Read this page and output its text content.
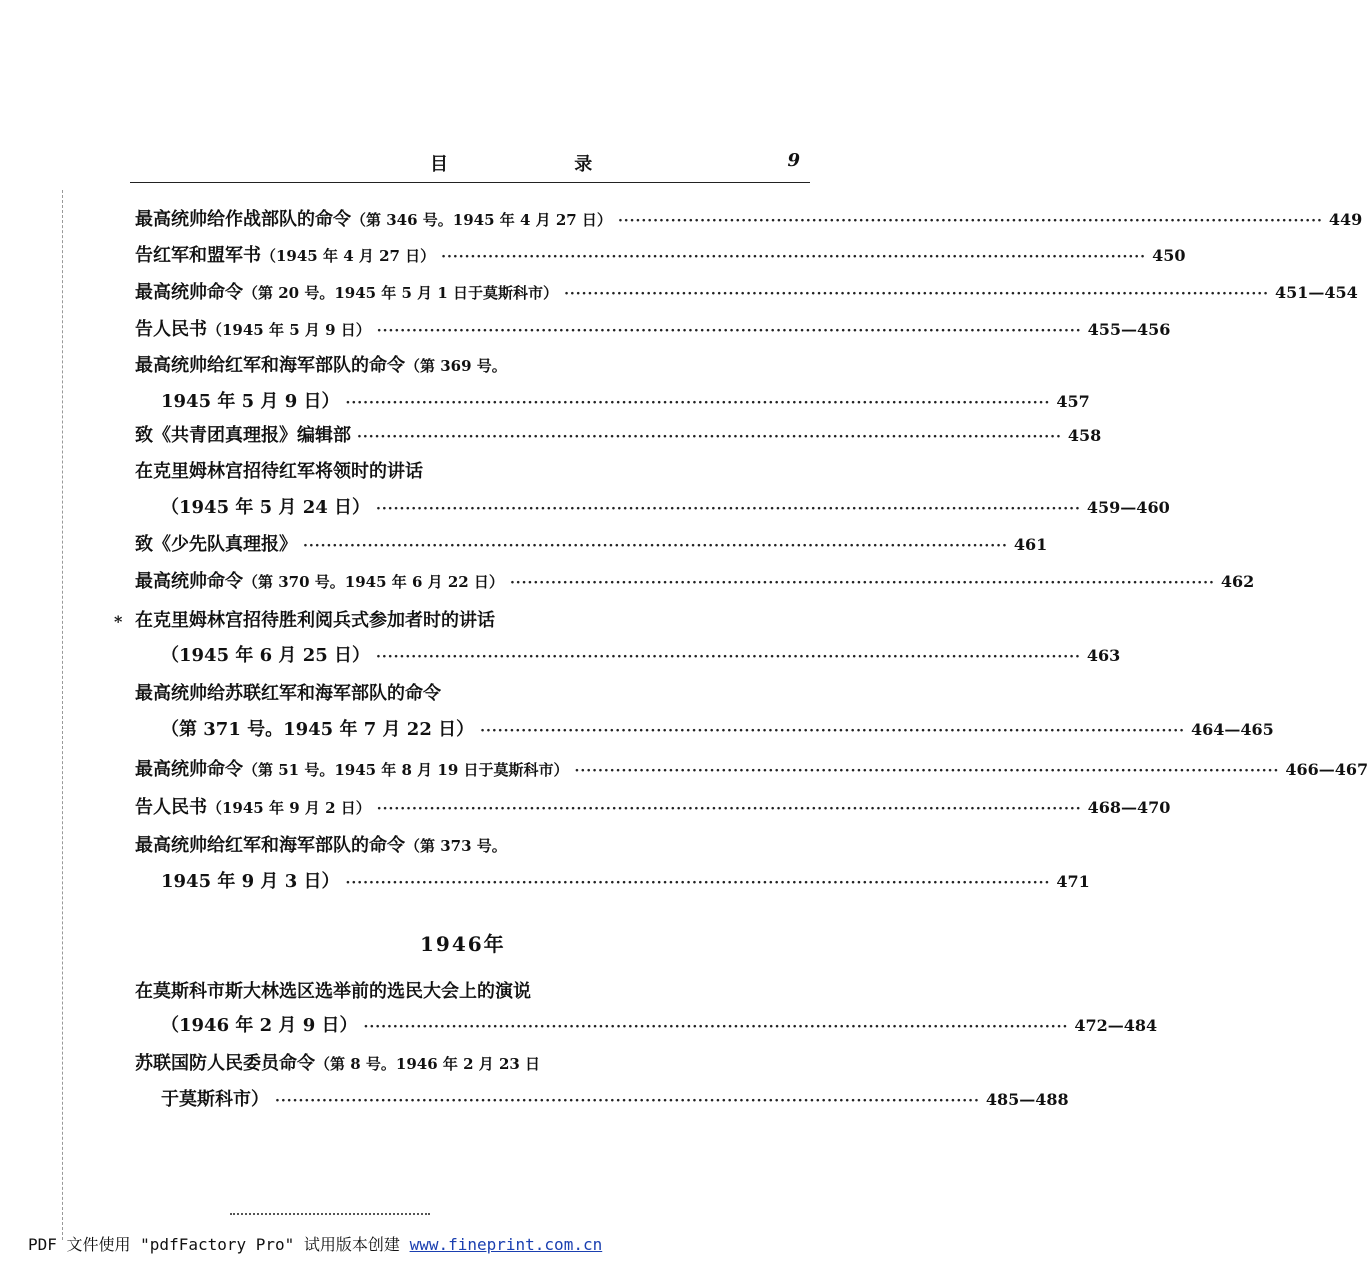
目 录	9
*
最高统帅给作战部队的命令（第 346 号。1945 年 4 月 27 日） ························································································································ 449
告红军和盟军书（1945 年 4 月 27 日） ························································································································ 450
最高统帅命令（第 20 号。1945 年 5 月 1 日于莫斯科市） ························································································································ 451—454
告人民书（1945 年 5 月 9 日） ························································································································ 455—456
最高统帅给红军和海军部队的命令（第 369 号。
1945 年 5 月 9 日） ························································································································ 457
致《共青团真理报》编辑部 ························································································································ 458
在克里姆林宫招待红军将领时的讲话
（1945 年 5 月 24 日） ························································································································ 459—460
致《少先队真理报》 ························································································································ 461
最高统帅命令（第 370 号。1945 年 6 月 22 日） ························································································································ 462
在克里姆林宫招待胜利阅兵式参加者时的讲话
（1945 年 6 月 25 日） ························································································································ 463
最高统帅给苏联红军和海军部队的命令
（第 371 号。1945 年 7 月 22 日） ························································································································ 464—465
最高统帅命令（第 51 号。1945 年 8 月 19 日于莫斯科市） ························································································································ 466—467
告人民书（1945 年 9 月 2 日） ························································································································ 468—470
最高统帅给红军和海军部队的命令（第 373 号。
1945 年 9 月 3 日） ························································································································ 471
在莫斯科市斯大林选区选举前的选民大会上的演说
（1946 年 2 月 9 日） ························································································································ 472—484
苏联国防人民委员命令（第 8 号。1946 年 2 月 23 日
于莫斯科市） ························································································································ 485—488
1946年
PDF 文件使用 "pdfFactory Pro" 试用版本创建 www.fineprint.com.cn
